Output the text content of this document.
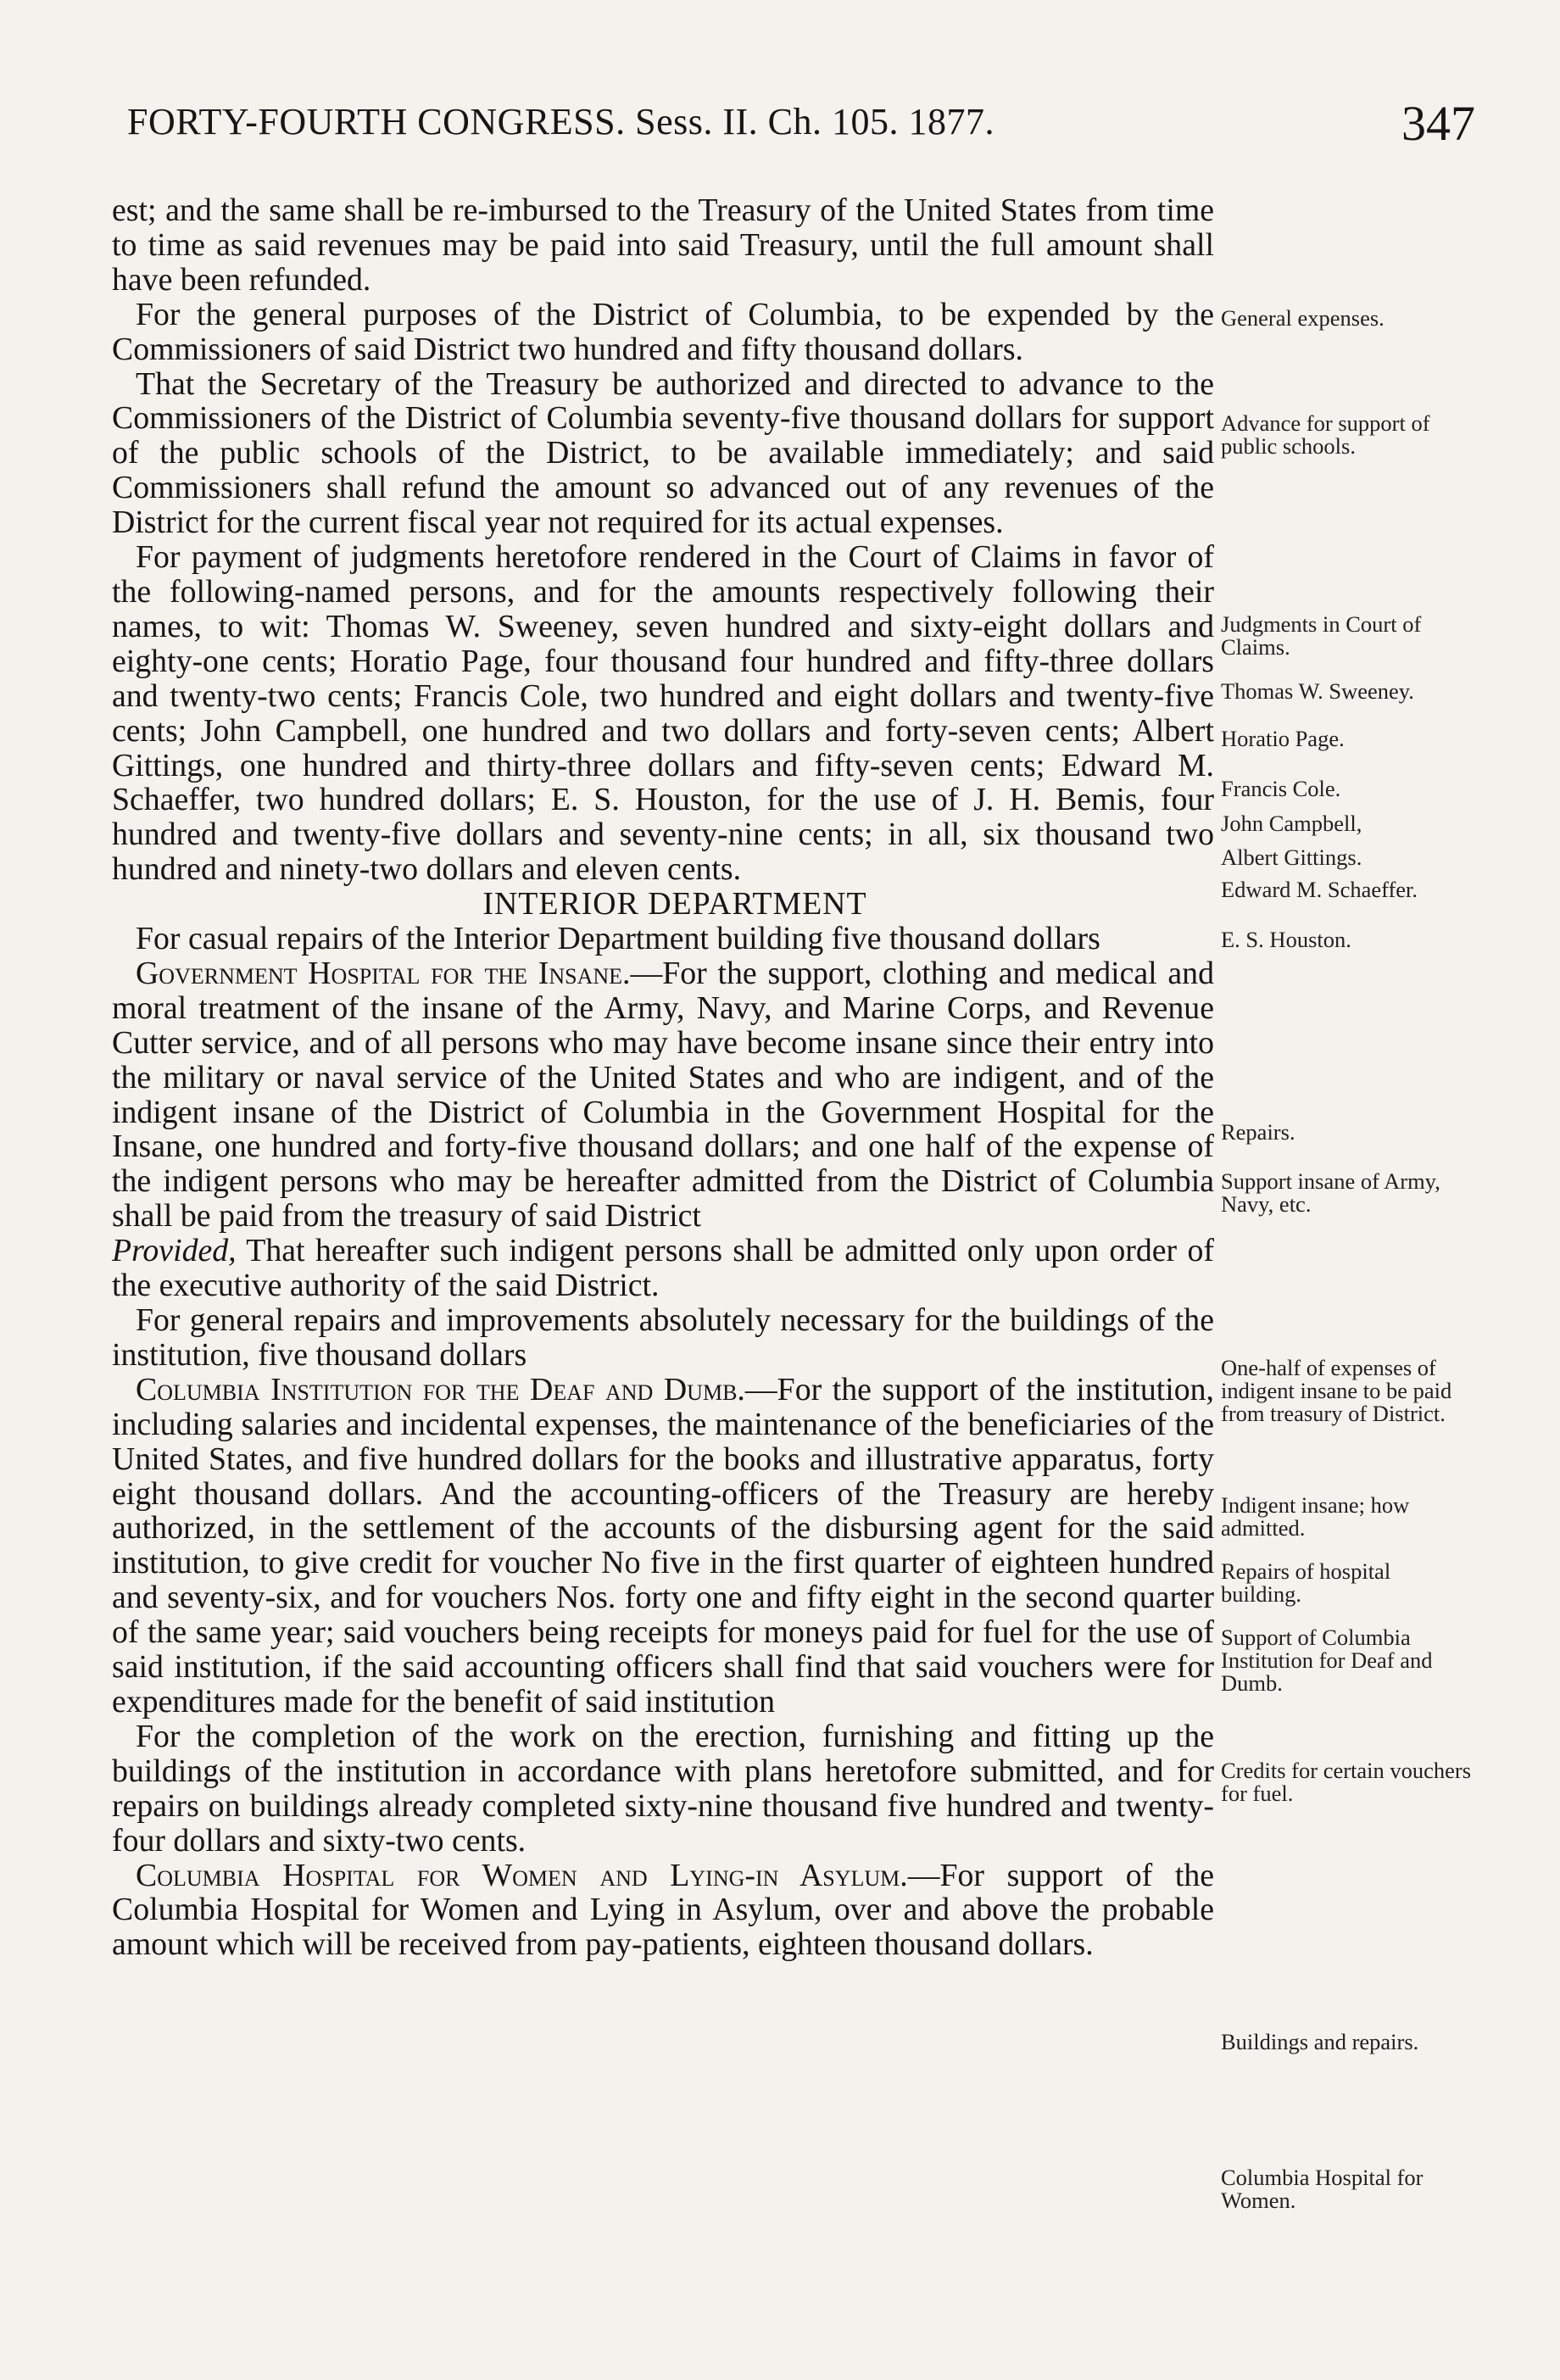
FORTY-FOURTH CONGRESS. Sess. II. Ch. 105. 1877.	347

est; and the same shall be re-imbursed to the Treasury of the United States from time to time as said revenues may be paid into said Treasury, until the full amount shall have been refunded.

For the general purposes of the District of Columbia, to be expended by the Commissioners of said District two hundred and fifty thousand dollars.

That the Secretary of the Treasury be authorized and directed to advance to the Commissioners of the District of Columbia seventy-five thousand dollars for support of the public schools of the District, to be available immediately; and said Commissioners shall refund the amount so advanced out of any revenues of the District for the current fiscal year not required for its actual expenses.

For payment of judgments heretofore rendered in the Court of Claims in favor of the following-named persons, and for the amounts respectively following their names, to wit: Thomas W. Sweeney, seven hundred and sixty-eight dollars and eighty-one cents; Horatio Page, four thousand four hundred and fifty-three dollars and twenty-two cents; Francis Cole, two hundred and eight dollars and twenty-five cents; John Campbell, one hundred and two dollars and forty-seven cents; Albert Gittings, one hundred and thirty-three dollars and fifty-seven cents; Edward M. Schaeffer, two hundred dollars; E. S. Houston, for the use of J. H. Bemis, four hundred and twenty-five dollars and seventy-nine cents; in all, six thousand two hundred and ninety-two dollars and eleven cents.

INTERIOR DEPARTMENT

For casual repairs of the Interior Department building five thousand dollars

Government Hospital for the Insane.—For the support, clothing and medical and moral treatment of the insane of the Army, Navy, and Marine Corps, and Revenue Cutter service, and of all persons who may have become insane since their entry into the military or naval service of the United States and who are indigent, and of the indigent insane of the District of Columbia in the Government Hospital for the Insane, one hundred and forty-five thousand dollars; and one half of the expense of the indigent persons who may be hereafter admitted from the District of Columbia shall be paid from the treasury of said District

Provided, That hereafter such indigent persons shall be admitted only upon order of the executive authority of the said District.

For general repairs and improvements absolutely necessary for the buildings of the institution, five thousand dollars

Columbia Institution for the Deaf and Dumb.—For the support of the institution, including salaries and incidental expenses, the maintenance of the beneficiaries of the United States, and five hundred dollars for the books and illustrative apparatus, forty eight thousand dollars. And the accounting-officers of the Treasury are hereby authorized, in the settlement of the accounts of the disbursing agent for the said institution, to give credit for voucher No five in the first quarter of eighteen hundred and seventy-six, and for vouchers Nos. forty one and fifty eight in the second quarter of the same year; said vouchers being receipts for moneys paid for fuel for the use of said institution, if the said accounting officers shall find that said vouchers were for expenditures made for the benefit of said institution

For the completion of the work on the erection, furnishing and fitting up the buildings of the institution in accordance with plans heretofore submitted, and for repairs on buildings already completed sixty-nine thousand five hundred and twenty-four dollars and sixty-two cents.

Columbia Hospital for Women and Lying-in Asylum.—For support of the Columbia Hospital for Women and Lying in Asylum, over and above the probable amount which will be received from pay-patients, eighteen thousand dollars.

General expenses.
Advance for support of public schools.
Judgments in Court of Claims.
Thomas W. Sweeney.
Horatio Page.
Francis Cole.
John Campbell,
Albert Gittings.
Edward M. Schaeffer.
E. S. Houston.
Repairs.
Support insane of Army, Navy, etc.
One-half of expenses of indigent insane to be paid from treasury of District.
Indigent insane; how admitted.
Repairs of hospital building.
Support of Columbia Institution for Deaf and Dumb.
Credits for certain vouchers for fuel.
Buildings and repairs.
Columbia Hospital for Women.
